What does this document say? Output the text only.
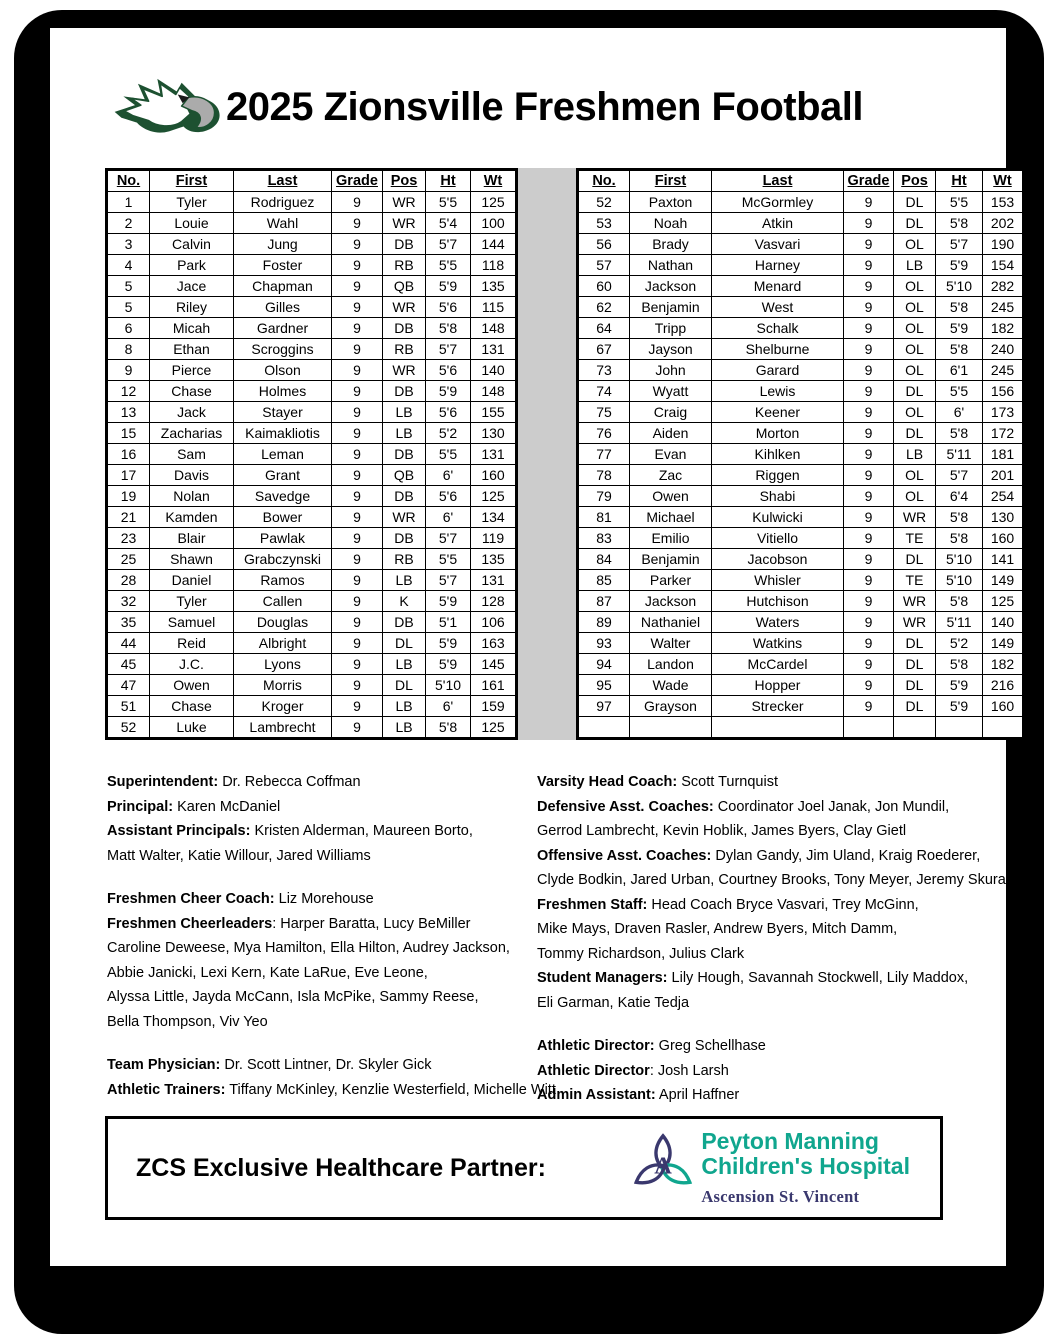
2025 Zionsville Freshmen Football
No.	First	Last	Grade	Pos	Ht	Wt
1	Tyler	Rodriguez	9	WR	5'5	125
2	Louie	Wahl	9	WR	5'4	100
3	Calvin	Jung	9	DB	5'7	144
4	Park	Foster	9	RB	5'5	118
5	Jace	Chapman	9	QB	5'9	135
5	Riley	Gilles	9	WR	5'6	115
6	Micah	Gardner	9	DB	5'8	148
8	Ethan	Scroggins	9	RB	5'7	131
9	Pierce	Olson	9	WR	5'6	140
12	Chase	Holmes	9	DB	5'9	148
13	Jack	Stayer	9	LB	5'6	155
15	Zacharias	Kaimakliotis	9	LB	5'2	130
16	Sam	Leman	9	DB	5'5	131
17	Davis	Grant	9	QB	6'	160
19	Nolan	Savedge	9	DB	5'6	125
21	Kamden	Bower	9	WR	6'	134
23	Blair	Pawlak	9	DB	5'7	119
25	Shawn	Grabczynski	9	RB	5'5	135
28	Daniel	Ramos	9	LB	5'7	131
32	Tyler	Callen	9	K	5'9	128
35	Samuel	Douglas	9	DB	5'1	106
44	Reid	Albright	9	DL	5'9	163
45	J.C.	Lyons	9	LB	5'9	145
47	Owen	Morris	9	DL	5'10	161
51	Chase	Kroger	9	LB	6'	159
52	Luke	Lambrecht	9	LB	5'8	125
No.	First	Last	Grade	Pos	Ht	Wt
52	Paxton	McGormley	9	DL	5'5	153
53	Noah	Atkin	9	DL	5'8	202
56	Brady	Vasvari	9	OL	5'7	190
57	Nathan	Harney	9	LB	5'9	154
60	Jackson	Menard	9	OL	5'10	282
62	Benjamin	West	9	OL	5'8	245
64	Tripp	Schalk	9	OL	5'9	182
67	Jayson	Shelburne	9	OL	5'8	240
73	John	Garard	9	OL	6'1	245
74	Wyatt	Lewis	9	DL	5'5	156
75	Craig	Keener	9	OL	6'	173
76	Aiden	Morton	9	DL	5'8	172
77	Evan	Kihlken	9	LB	5'11	181
78	Zac	Riggen	9	OL	5'7	201
79	Owen	Shabi	9	OL	6'4	254
81	Michael	Kulwicki	9	WR	5'8	130
83	Emilio	Vitiello	9	TE	5'8	160
84	Benjamin	Jacobson	9	DL	5'10	141
85	Parker	Whisler	9	TE	5'10	149
87	Jackson	Hutchison	9	WR	5'8	125
89	Nathaniel	Waters	9	WR	5'11	140
93	Walter	Watkins	9	DL	5'2	149
94	Landon	McCardel	9	DL	5'8	182
95	Wade	Hopper	9	DL	5'9	216
97	Grayson	Strecker	9	DL	5'9	160

Superintendent: Dr. Rebecca Coffman
Principal: Karen McDaniel
Assistant Principals: Kristen Alderman, Maureen Borto,
Matt Walter, Katie Willour, Jared Williams
Freshmen Cheer Coach: Liz Morehouse
Freshmen Cheerleaders: Harper Baratta, Lucy BeMiller
Caroline Deweese, Mya Hamilton, Ella Hilton, Audrey Jackson,
Abbie Janicki, Lexi Kern, Kate LaRue, Eve Leone,
Alyssa Little, Jayda McCann, Isla McPike, Sammy Reese,
Bella Thompson, Viv Yeo
Team Physician: Dr. Scott Lintner, Dr. Skyler Gick
Athletic Trainers: Tiffany McKinley, Kenzlie Westerfield, Michelle Witt
Varsity Head Coach: Scott Turnquist
Defensive Asst. Coaches: Coordinator Joel Janak, Jon Mundil,
Gerrod Lambrecht, Kevin Hoblik, James Byers, Clay Gietl
Offensive Asst. Coaches: Dylan Gandy, Jim Uland, Kraig Roederer,
Clyde Bodkin, Jared Urban, Courtney Brooks, Tony Meyer, Jeremy Skura
Freshmen Staff: Head Coach Bryce Vasvari, Trey McGinn,
Mike Mays, Draven Rasler, Andrew Byers, Mitch Damm,
Tommy Richardson, Julius Clark
Student Managers: Lily Hough, Savannah Stockwell, Lily Maddox,
Eli Garman, Katie Tedja
Athletic Director: Greg Schellhase
Athletic Director: Josh Larsh
Admin Assistant: April Haffner
ZCS Exclusive Healthcare Partner:	A
Peyton Manning
Children's Hospital
Ascension St. Vincent
